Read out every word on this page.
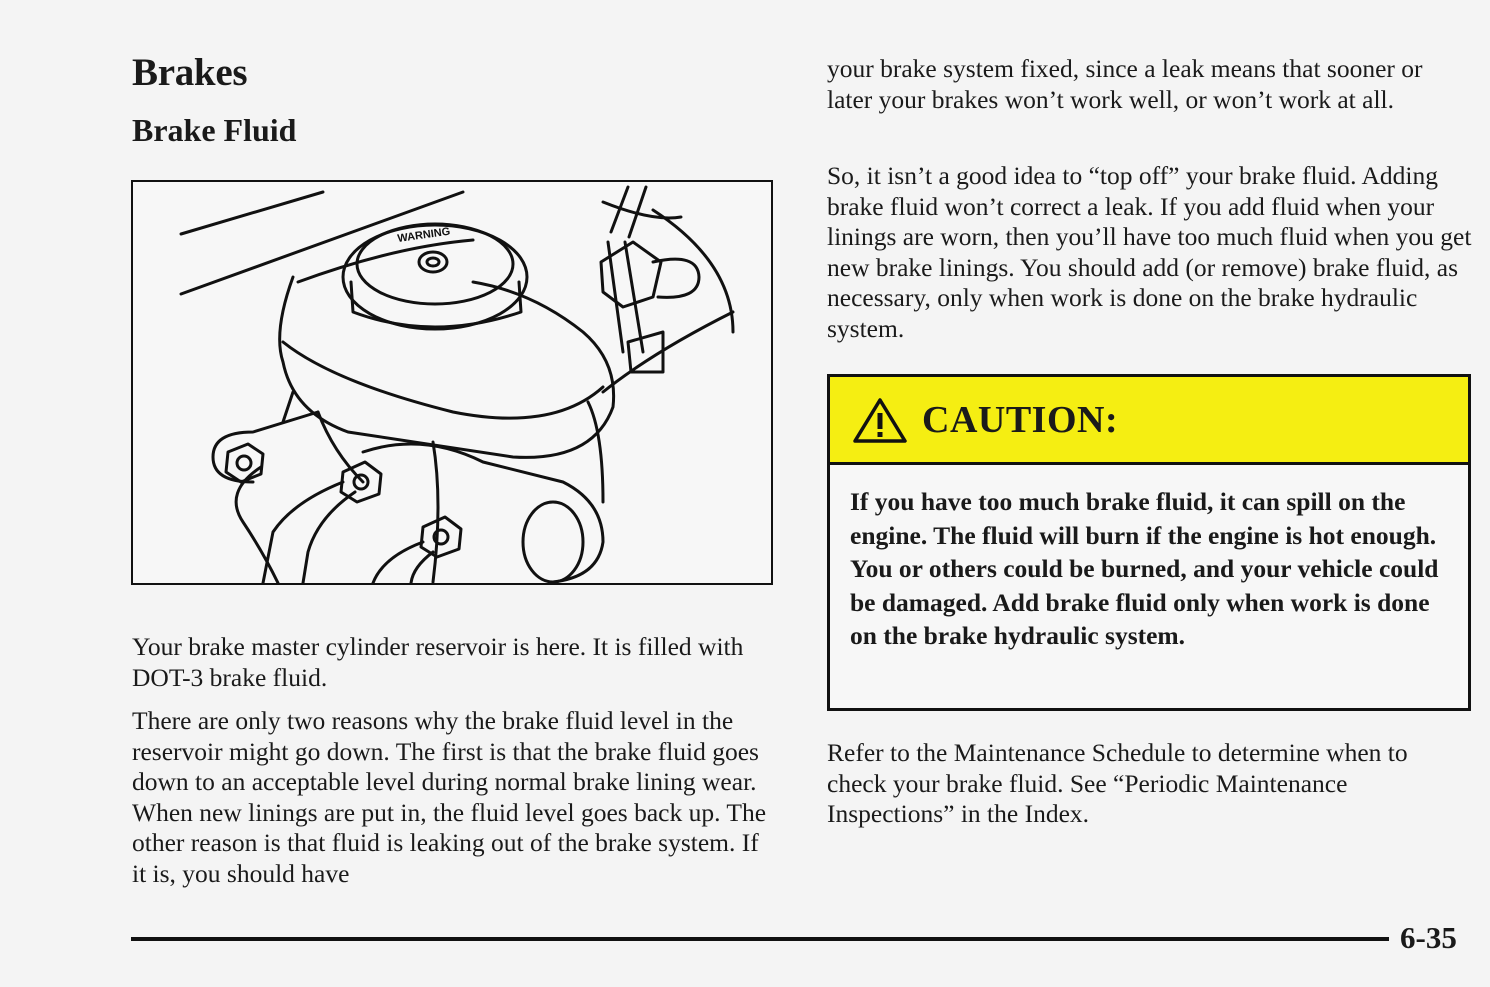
Brakes
Brake Fluid
WARNING

Your brake master cylinder reservoir is here. It is filled with DOT-3 brake fluid.

There are only two reasons why the brake fluid level in the reservoir might go down. The first is that the brake fluid goes down to an acceptable level during normal brake lining wear. When new linings are put in, the fluid level goes back up. The other reason is that fluid is leaking out of the brake system. If it is, you should have

your brake system fixed, since a leak means that sooner or later your brakes won’t work well, or won’t work at all.

So, it isn’t a good idea to “top off” your brake fluid. Adding brake fluid won’t correct a leak. If you add fluid when your linings are worn, then you’ll have too much fluid when you get new brake linings. You should add (or remove) brake fluid, as necessary, only when work is done on the brake hydraulic system.

CAUTION:

If you have too much brake fluid, it can spill on the engine. The fluid will burn if the engine is hot enough. You or others could be burned, and your vehicle could be damaged. Add brake fluid only when work is done on the brake hydraulic system.

Refer to the Maintenance Schedule to determine when to check your brake fluid. See “Periodic Maintenance Inspections” in the Index.

6-35
